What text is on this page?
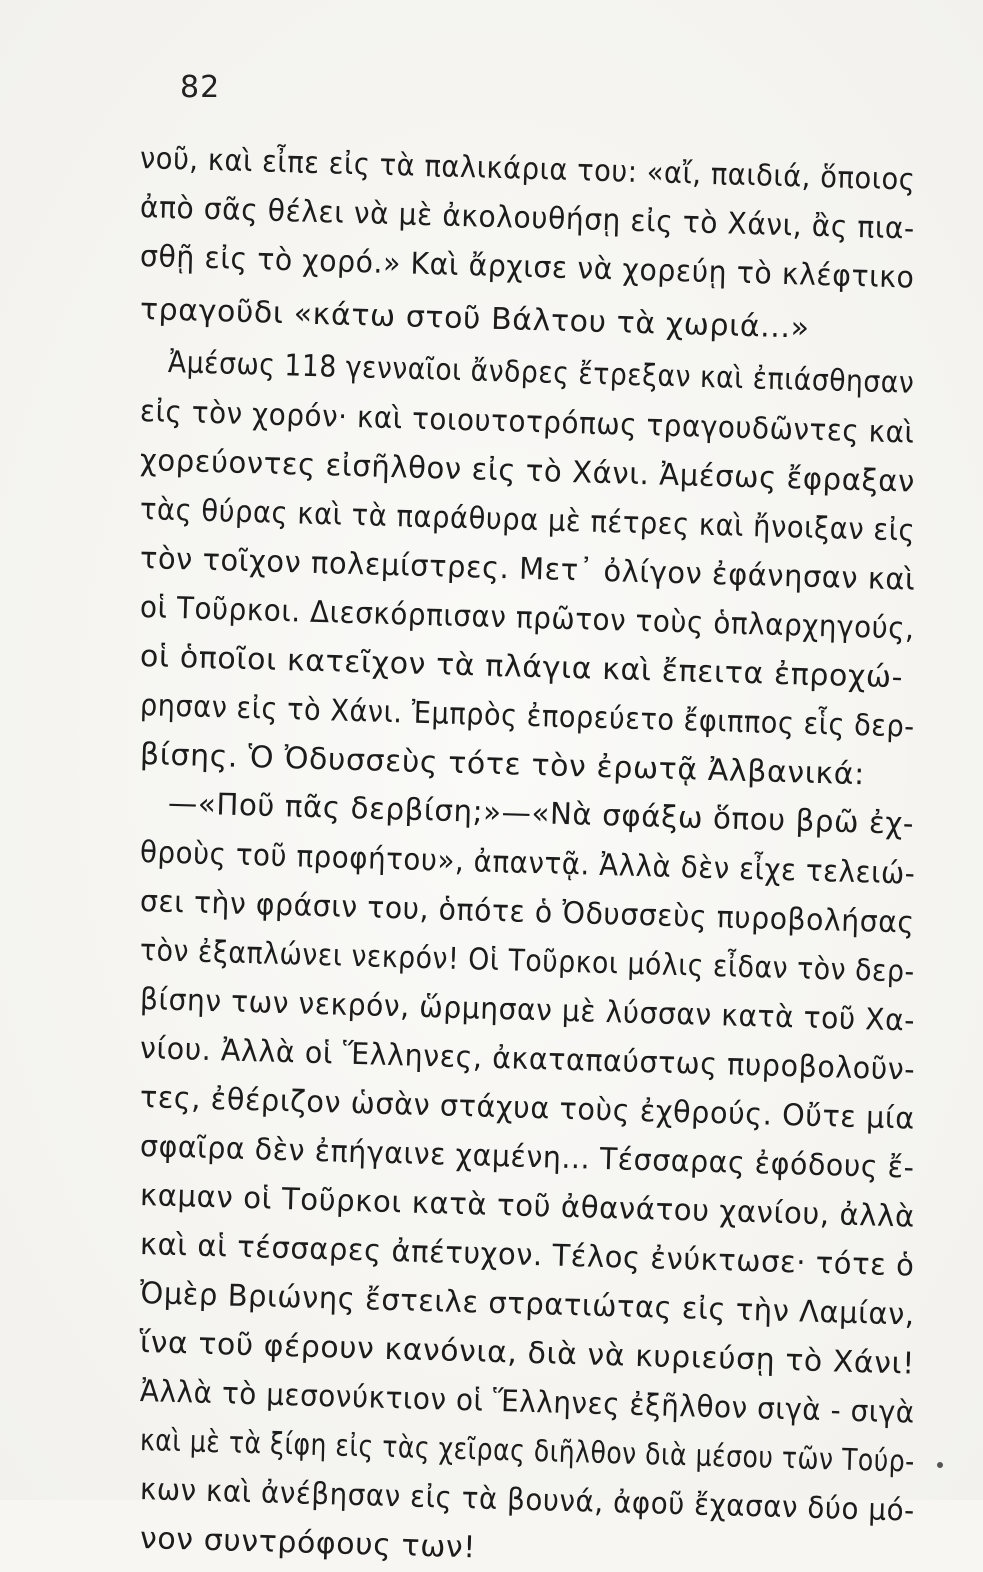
82
νοῦ, καὶ εἶπε εἰς τὰ παλικάρια του: «αἴ, παιδιά, ὅποιος
ἀπὸ σᾶς θέλει νὰ μὲ ἀκολουθήσῃ εἰς τὸ Χάνι, ἂς πια-
σθῇ εἰς τὸ χορό.» Καὶ ἄρχισε νὰ χορεύῃ τὸ κλέφτικο
τραγοῦδι «κάτω στοῦ Βάλτου τὰ χωριά...»
Ἀμέσως 118 γενναῖοι ἄνδρες ἔτρεξαν καὶ ἐπιάσθησαν
εἰς τὸν χορόν· καὶ τοιουτοτρόπως τραγουδῶντες καὶ
χορεύοντες εἰσῆλθον εἰς τὸ Χάνι. Ἀμέσως ἔφραξαν
τὰς θύρας καὶ τὰ παράθυρα μὲ πέτρες καὶ ἤνοιξαν εἰς
τὸν τοῖχον πολεμίστρες. Μετ᾽ ὀλίγον ἐφάνησαν καὶ
οἱ Τοῦρκοι. Διεσκόρπισαν πρῶτον τοὺς ὁπλαρχηγούς,
οἱ ὁποῖοι κατεῖχον τὰ πλάγια καὶ ἔπειτα ἐπροχώ-
ρησαν εἰς τὸ Χάνι. Ἐμπρὸς ἐπορεύετο ἔφιππος εἷς δερ-
βίσης. Ὁ Ὀδυσσεὺς τότε τὸν ἐρωτᾷ Ἀλβανικά:
—«Ποῦ πᾶς δερβίση;»—«Νὰ σφάξω ὅπου βρῶ ἐχ-
θροὺς τοῦ προφήτου», ἀπαντᾷ. Ἀλλὰ δὲν εἶχε τελειώ-
σει τὴν φράσιν του, ὁπότε ὁ Ὀδυσσεὺς πυροβολήσας
τὸν ἐξαπλώνει νεκρόν! Οἱ Τοῦρκοι μόλις εἶδαν τὸν δερ-
βίσην των νεκρόν, ὥρμησαν μὲ λύσσαν κατὰ τοῦ Χα-
νίου. Ἀλλὰ οἱ Ἕλληνες, ἀκαταπαύστως πυροβολοῦν-
τες, ἐθέριζον ὡσὰν στάχυα τοὺς ἐχθρούς. Οὔτε μία
σφαῖρα δὲν ἐπήγαινε χαμένη... Τέσσαρας ἐφόδους ἔ-
καμαν οἱ Τοῦρκοι κατὰ τοῦ ἀθανάτου χανίου, ἀλλὰ
καὶ αἱ τέσσαρες ἀπέτυχον. Τέλος ἐνύκτωσε· τότε ὁ
Ὀμὲρ Βριώνης ἔστειλε στρατιώτας εἰς τὴν Λαμίαν,
ἵνα τοῦ φέρουν κανόνια, διὰ νὰ κυριεύσῃ τὸ Χάνι!
Ἀλλὰ τὸ μεσονύκτιον οἱ Ἕλληνες ἐξῆλθον σιγὰ - σιγὰ
καὶ μὲ τὰ ξίφη εἰς τὰς χεῖρας διῆλθον διὰ μέσου τῶν Τούρ-
κων καὶ ἀνέβησαν εἰς τὰ βουνά, ἀφοῦ ἔχασαν δύο μό-
νον συντρόφους των!
